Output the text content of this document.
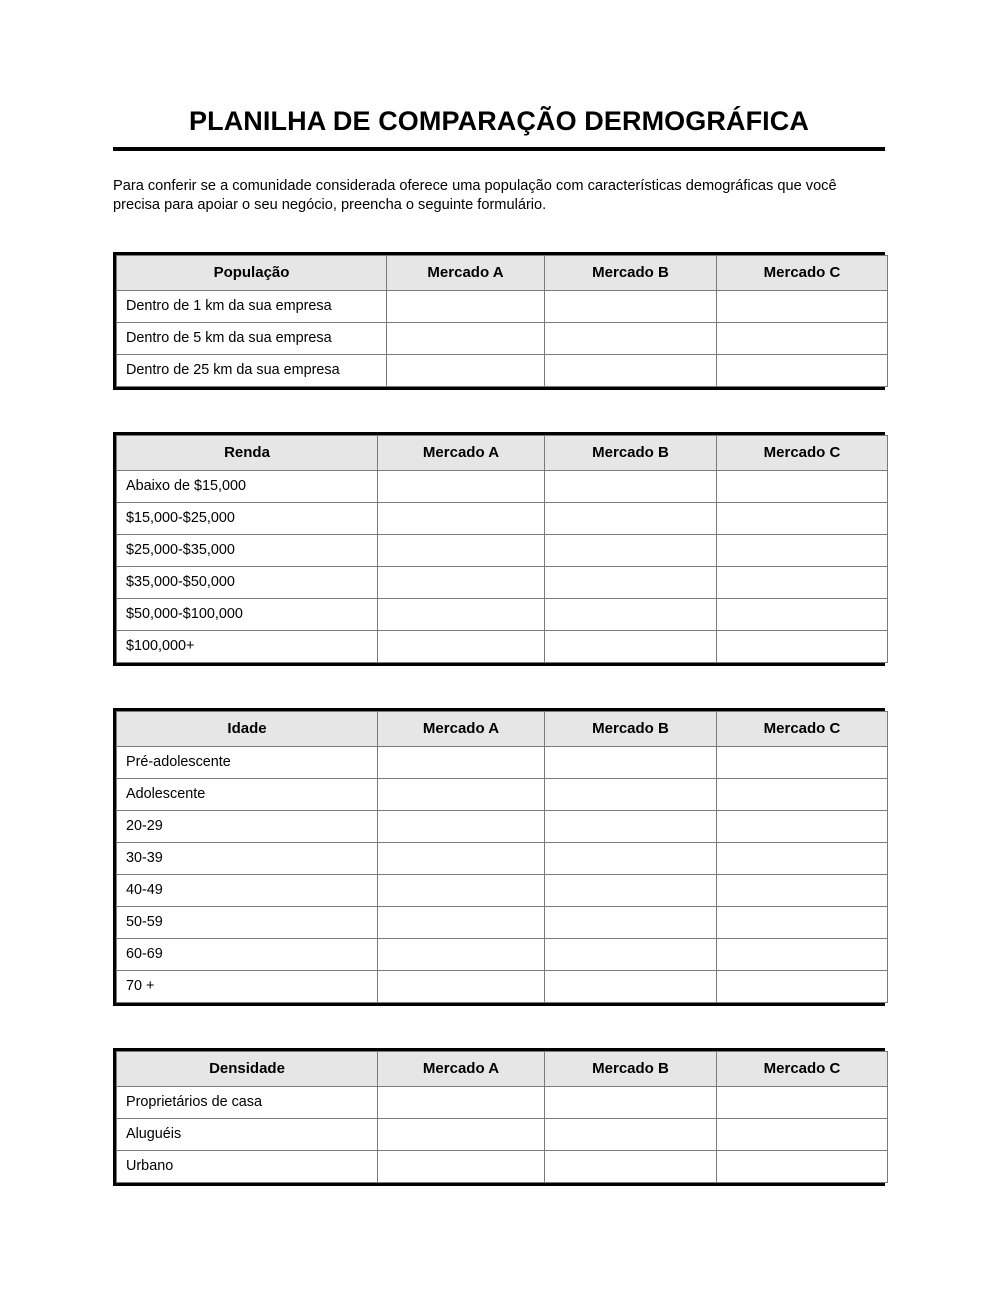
PLANILHA DE COMPARAÇÃO DERMOGRÁFICA

Para conferir se a comunidade considerada oferece uma população com características demográficas que você precisa para apoiar o seu negócio, preencha o seguinte formulário.

População	Mercado A	Mercado B	Mercado C
Dentro de 1 km da sua empresa			
Dentro de 5 km da sua empresa			
Dentro de 25 km da sua empresa			
Renda	Mercado A	Mercado B	Mercado C
Abaixo de $15,000			
$15,000-$25,000			
$25,000-$35,000			
$35,000-$50,000			
$50,000-$100,000			
$100,000+			
Idade	Mercado A	Mercado B	Mercado C
Pré-adolescente			
Adolescente			
20-29			
30-39			
40-49			
50-59			
60-69			
70 +			
Densidade	Mercado A	Mercado B	Mercado C
Proprietários de casa			
Aluguéis			
Urbano			
